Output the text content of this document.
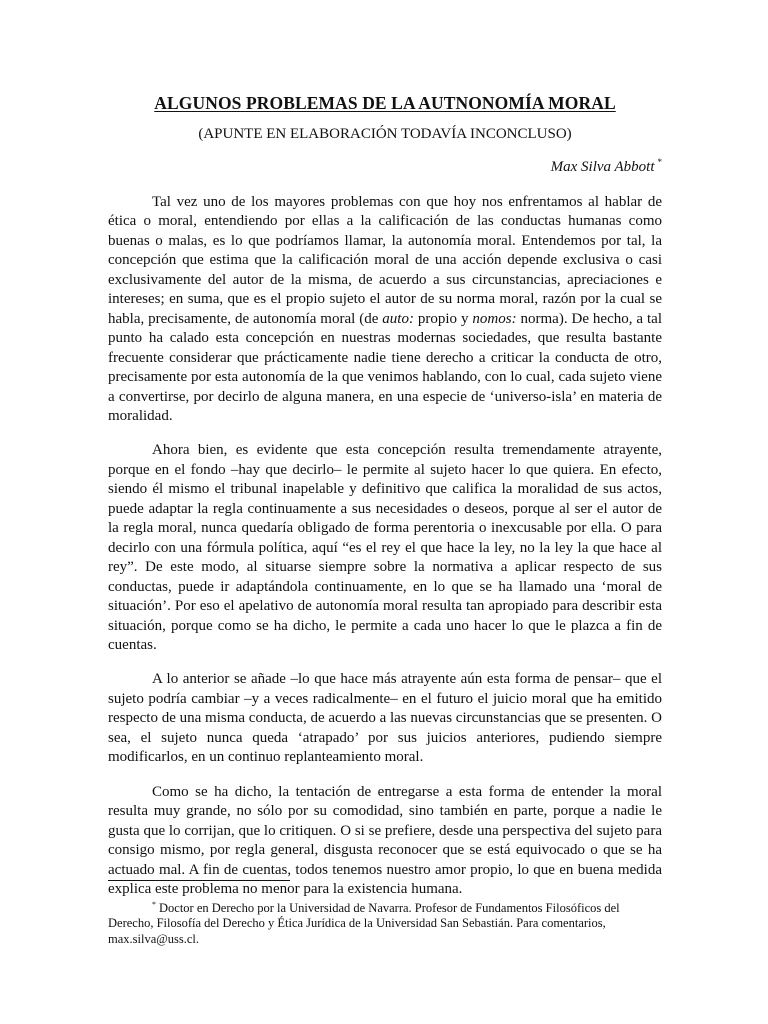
ALGUNOS PROBLEMAS DE LA AUTNONOMÍA MORAL

(APUNTE EN ELABORACIÓN TODAVÍA INCONCLUSO)

Max Silva Abbott *

Tal vez uno de los mayores problemas con que hoy nos enfrentamos al hablar de ética o moral, entendiendo por ellas a la calificación de las conductas humanas como buenas o malas, es lo que podríamos llamar, la autonomía moral. Entendemos por tal, la concepción que estima que la calificación moral de una acción depende exclusiva o casi exclusivamente del autor de la misma, de acuerdo a sus circunstancias, apreciaciones e intereses; en suma, que es el propio sujeto el autor de su norma moral, razón por la cual se habla, precisamente, de autonomía moral (de auto: propio y nomos: norma). De hecho, a tal punto ha calado esta concepción en nuestras modernas sociedades, que resulta bastante frecuente considerar que prácticamente nadie tiene derecho a criticar la conducta de otro, precisamente por esta autonomía de la que venimos hablando, con lo cual, cada sujeto viene a convertirse, por decirlo de alguna manera, en una especie de ‘universo-isla’ en materia de moralidad.

Ahora bien, es evidente que esta concepción resulta tremendamente atrayente, porque en el fondo –hay que decirlo– le permite al sujeto hacer lo que quiera. En efecto, siendo él mismo el tribunal inapelable y definitivo que califica la moralidad de sus actos, puede adaptar la regla continuamente a sus necesidades o deseos, porque al ser el autor de la regla moral, nunca quedaría obligado de forma perentoria o inexcusable por ella. O para decirlo con una fórmula política, aquí “es el rey el que hace la ley, no la ley la que hace al rey”. De este modo, al situarse siempre sobre la normativa a aplicar respecto de sus conductas, puede ir adaptándola continuamente, en lo que se ha llamado una ‘moral de situación’. Por eso el apelativo de autonomía moral resulta tan apropiado para describir esta situación, porque como se ha dicho, le permite a cada uno hacer lo que le plazca a fin de cuentas.

A lo anterior se añade –lo que hace más atrayente aún esta forma de pensar– que el sujeto podría cambiar –y a veces radicalmente– en el futuro el juicio moral que ha emitido respecto de una misma conducta, de acuerdo a las nuevas circunstancias que se presenten. O sea, el sujeto nunca queda ‘atrapado’ por sus juicios anteriores, pudiendo siempre modificarlos, en un continuo replanteamiento moral.

Como se ha dicho, la tentación de entregarse a esta forma de entender la moral resulta muy grande, no sólo por su comodidad, sino también en parte, porque a nadie le gusta que lo corrijan, que lo critiquen. O si se prefiere, desde una perspectiva del sujeto para consigo mismo, por regla general, disgusta reconocer que se está equivocado o que se ha actuado mal. A fin de cuentas, todos tenemos nuestro amor propio, lo que en buena medida explica este problema no menor para la existencia humana.

* Doctor en Derecho por la Universidad de Navarra. Profesor de Fundamentos Filosóficos del Derecho, Filosofía del Derecho y Ética Jurídica de la Universidad San Sebastián. Para comentarios, max.silva@uss.cl.
